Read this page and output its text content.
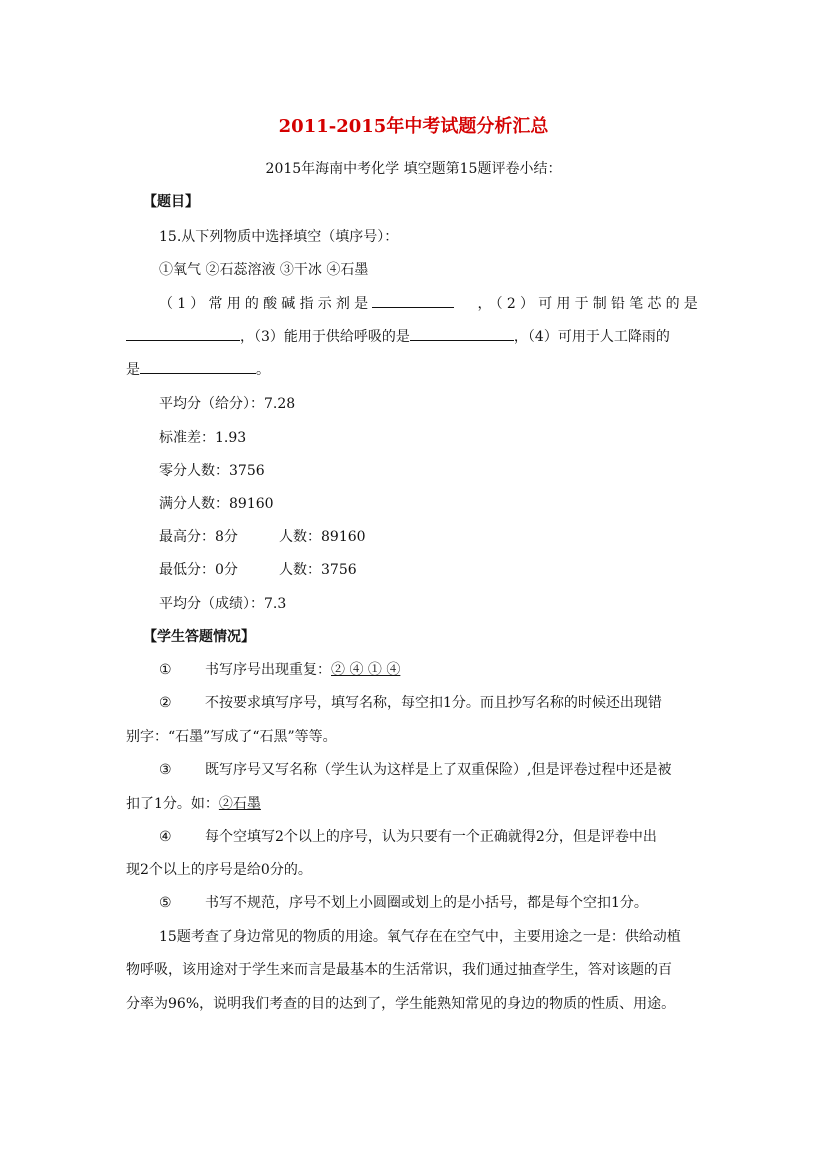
2011-2015年中考试题分析汇总
2015年海南中考化学 填空题第15题评卷小结：
【题目】
15.从下列物质中选择填空（填序号）：
①氧气 ②石蕊溶液 ③干冰 ④石墨
（1）常用的酸碱指示剂是	，（2）可用于制铅笔芯的是
，（3）能用于供给呼吸的是	，（4）可用于人工降雨的
是	。
平均分（给分）：7.28
标准差：1.93
零分人数：3756
满分人数：89160
最高分：8分	人数：89160
最低分：0分	人数：3756
平均分（成绩）：7.3
【学生答题情况】
① 书写序号出现重复：② ④ ① ④
② 不按要求填写序号，填写名称，每空扣1分。而且抄写名称的时候还出现错
别字：“石墨”写成了“石黑”等等。
③ 既写序号又写名称（学生认为这样是上了双重保险）,但是评卷过程中还是被
扣了1分。如：②石墨
④ 每个空填写2个以上的序号，认为只要有一个正确就得2分，但是评卷中出
现2个以上的序号是给0分的。
⑤ 书写不规范，序号不划上小圆圈或划上的是小括号，都是每个空扣1分。
15题考查了身边常见的物质的用途。氧气存在在空气中，主要用途之一是：供给动植
物呼吸，该用途对于学生来而言是最基本的生活常识，我们通过抽查学生，答对该题的百
分率为96%，说明我们考查的目的达到了，学生能熟知常见的身边的物质的性质、用途。
